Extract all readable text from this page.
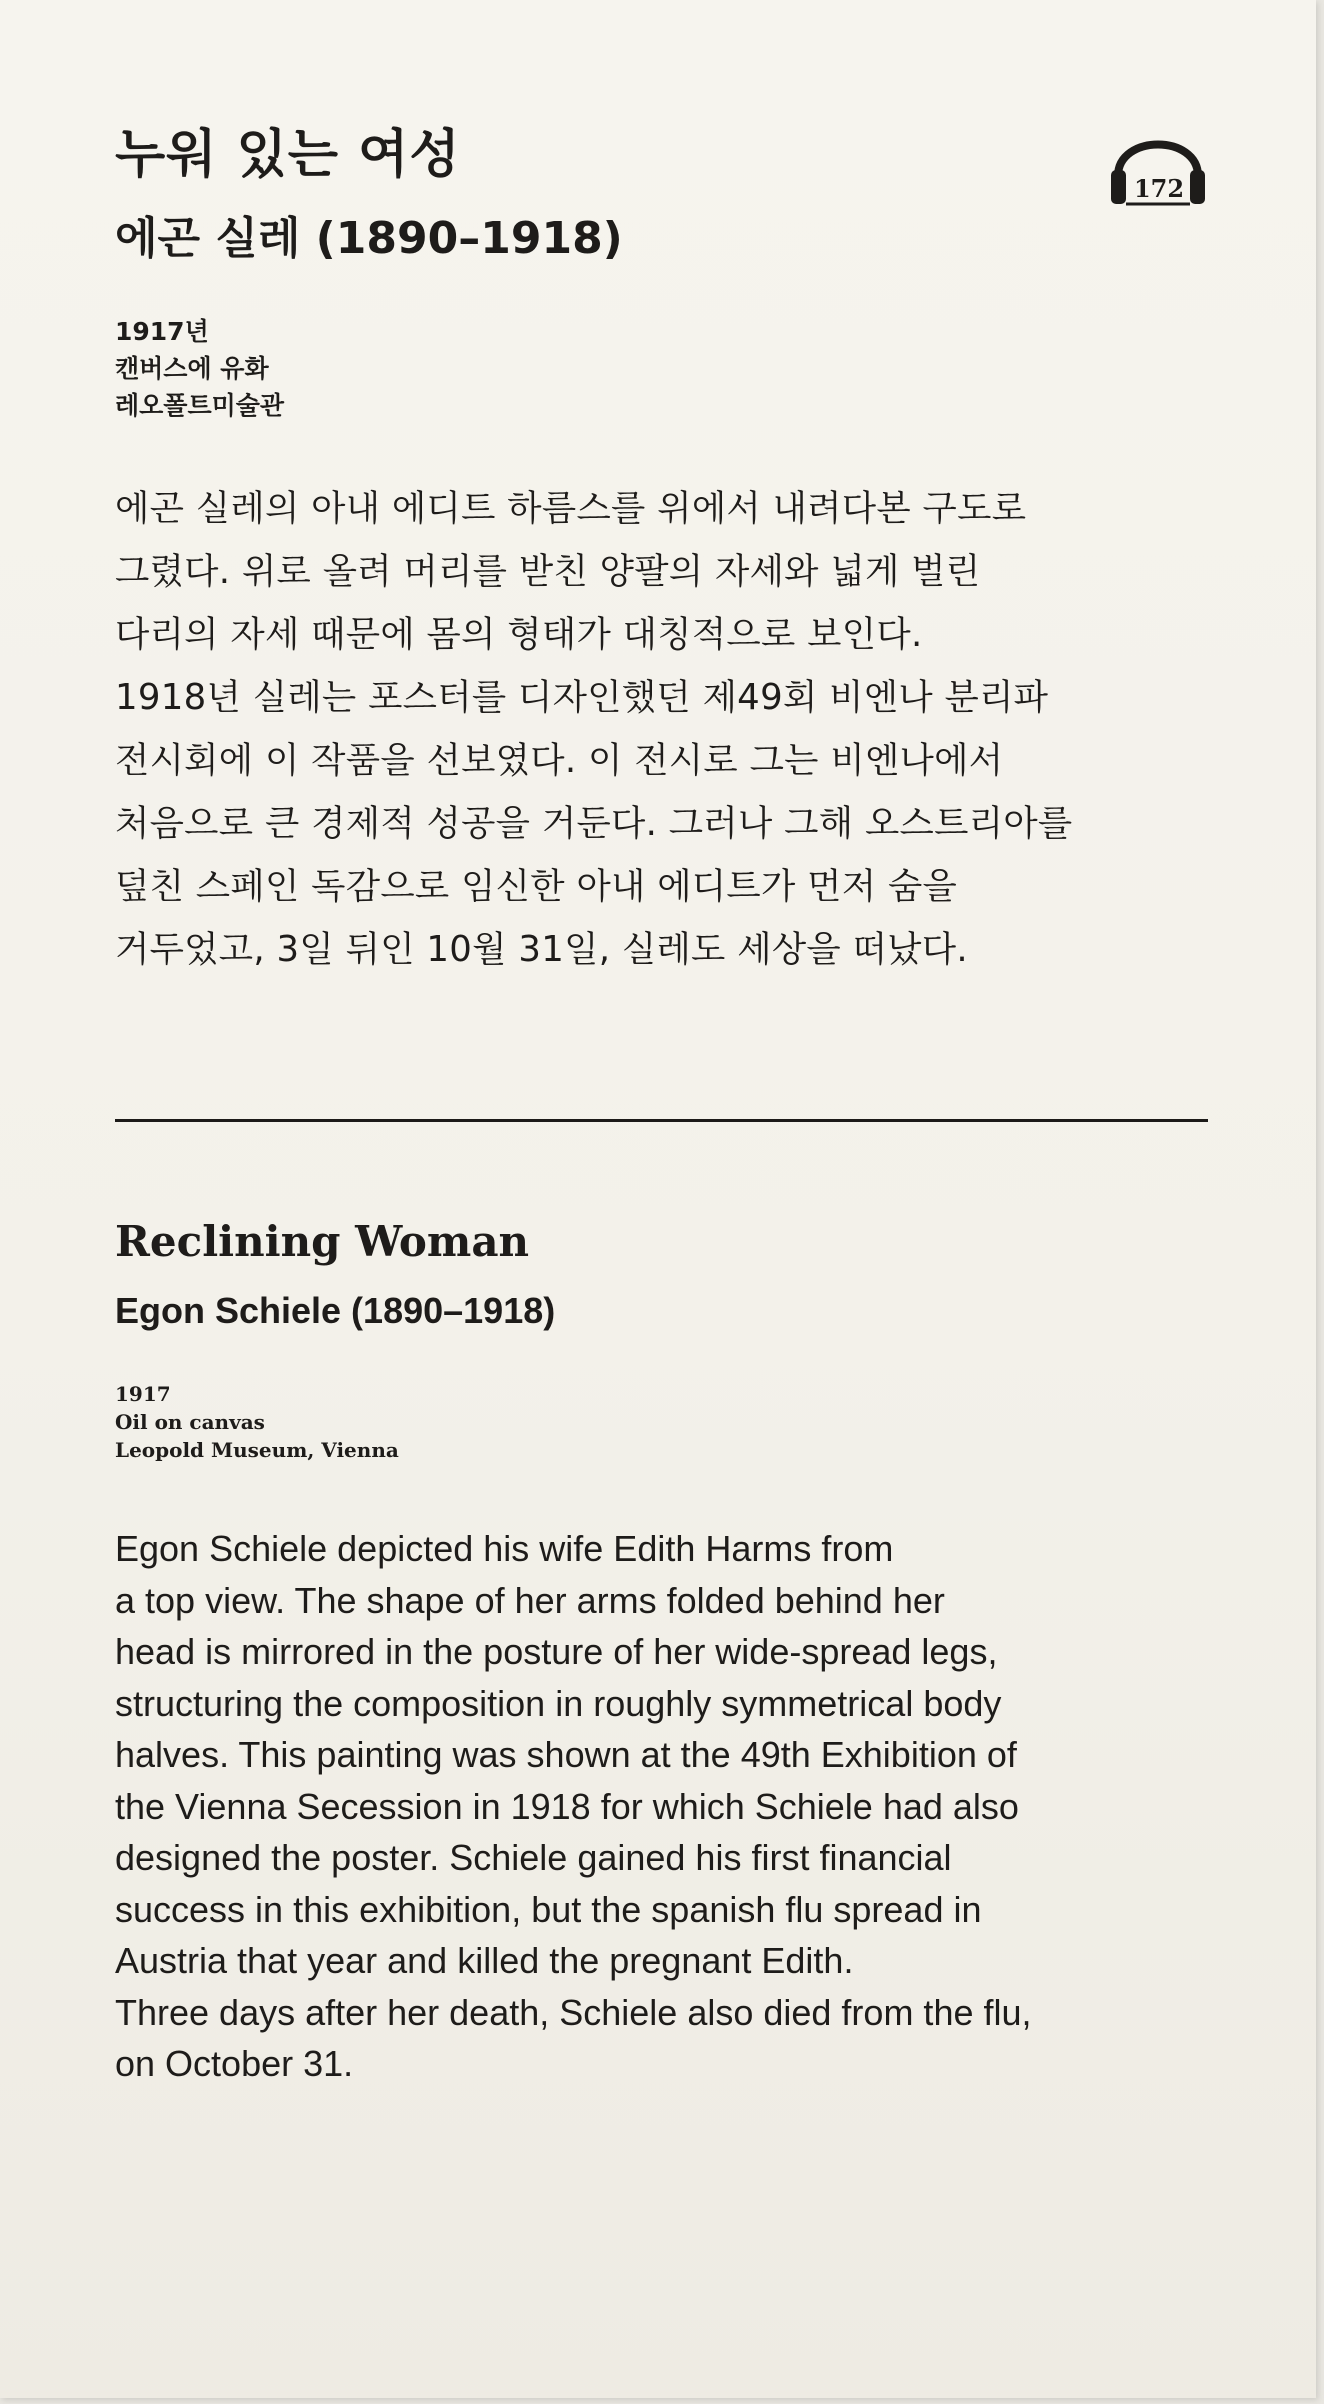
누워 있는 여성
에곤 실레 (1890–1918)
172
1917년
캔버스에 유화
레오폴트미술관
에곤 실레의 아내 에디트 하름스를 위에서 내려다본 구도로
그렸다. 위로 올려 머리를 받친 양팔의 자세와 넓게 벌린
다리의 자세 때문에 몸의 형태가 대칭적으로 보인다.
1918년 실레는 포스터를 디자인했던 제49회 비엔나 분리파
전시회에 이 작품을 선보였다. 이 전시로 그는 비엔나에서
처음으로 큰 경제적 성공을 거둔다. 그러나 그해 오스트리아를
덮친 스페인 독감으로 임신한 아내 에디트가 먼저 숨을
거두었고, 3일 뒤인 10월 31일, 실레도 세상을 떠났다.
Reclining Woman
Egon Schiele (1890–1918)
1917
Oil on canvas
Leopold Museum, Vienna
Egon Schiele depicted his wife Edith Harms from
a top view. The shape of her arms folded behind her
head is mirrored in the posture of her wide-spread legs,
structuring the composition in roughly symmetrical body
halves. This painting was shown at the 49th Exhibition of
the Vienna Secession in 1918 for which Schiele had also
designed the poster. Schiele gained his first financial
success in this exhibition, but the spanish flu spread in
Austria that year and killed the pregnant Edith.
Three days after her death, Schiele also died from the flu,
on October 31.
